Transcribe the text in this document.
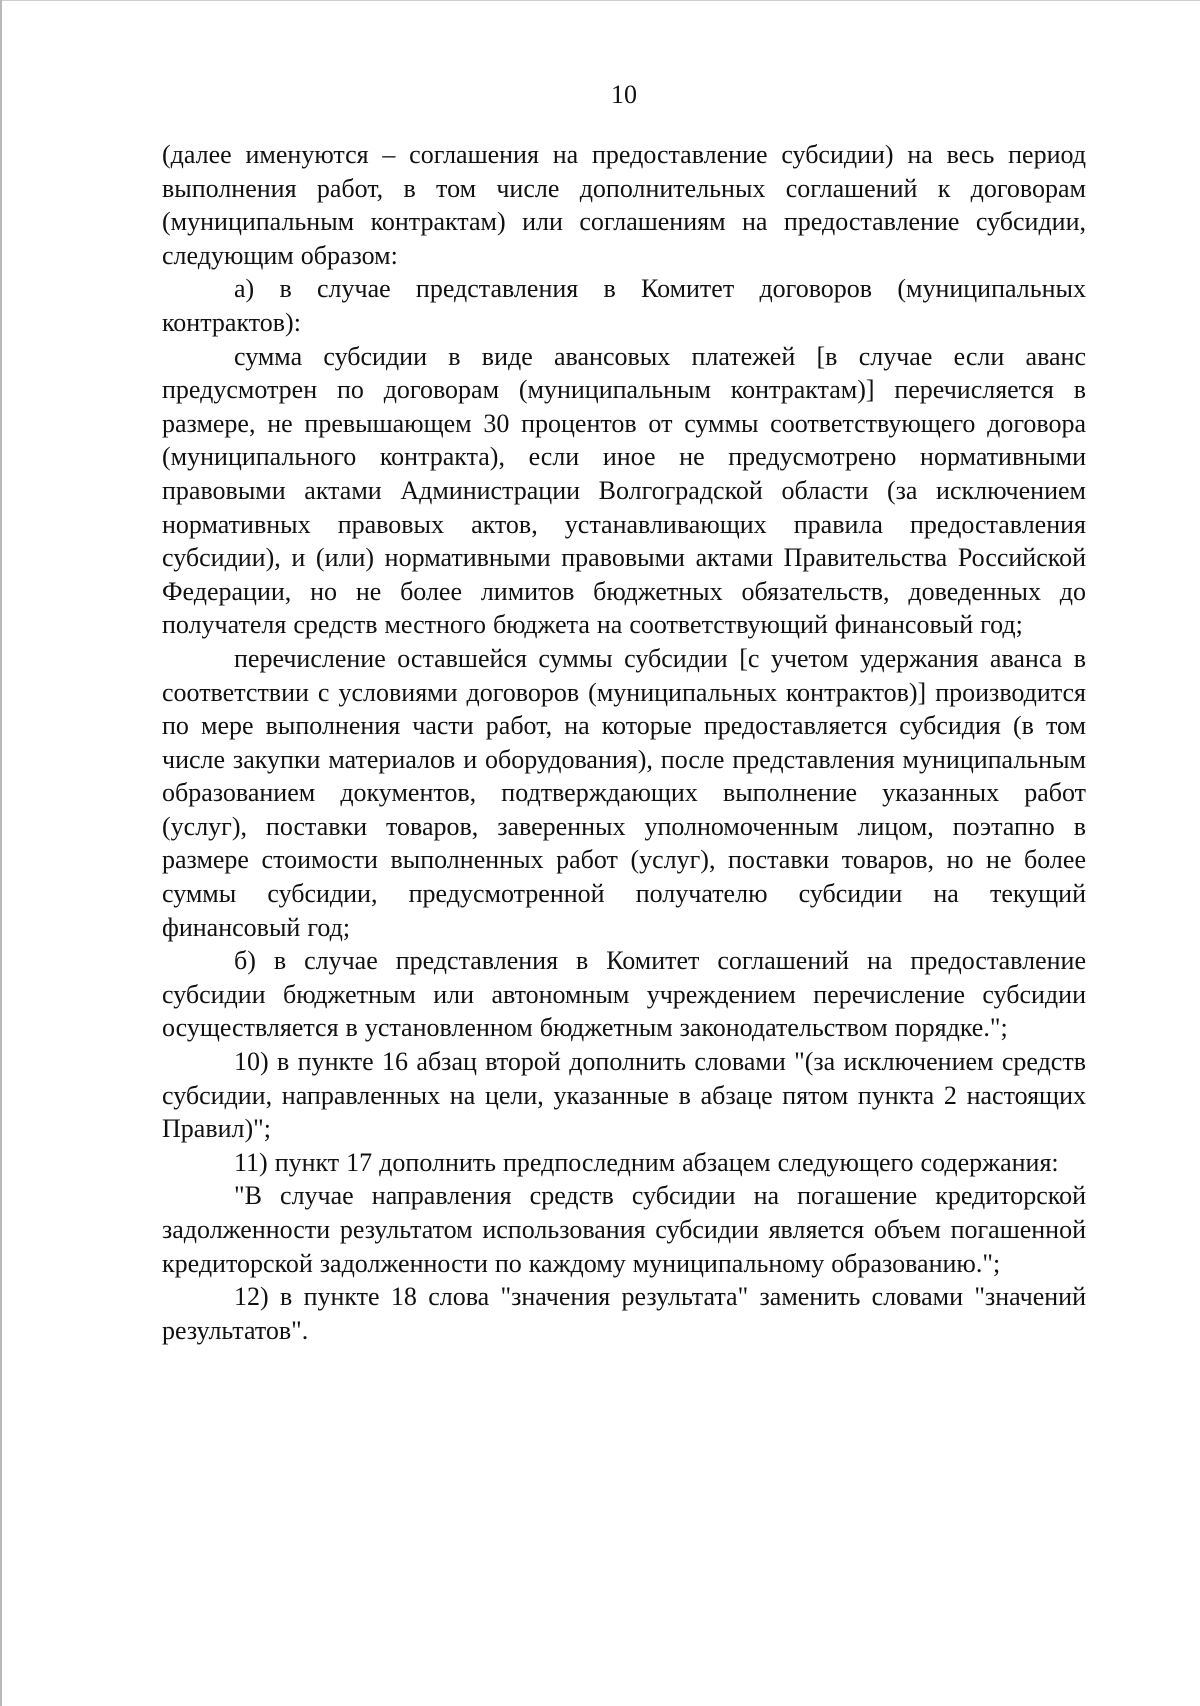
10

(далее именуются – соглашения на предоставление субсидии) на весь период выполнения работ, в том числе дополнительных соглашений к договорам (муниципальным контрактам) или соглашениям на предоставление субсидии, следующим образом:

а) в случае представления в Комитет договоров (муниципальных контрактов):

сумма субсидии в виде авансовых платежей [в случае если аванс предусмотрен по договорам (муниципальным контрактам)] перечисляется в размере, не превышающем 30 процентов от суммы соответствующего договора (муниципального контракта), если иное не предусмотрено нормативными правовыми актами Администрации Волгоградской области (за исключением нормативных правовых актов, устанавливающих правила предоставления субсидии), и (или) нормативными правовыми актами Правительства Российской Федерации, но не более лимитов бюджетных обязательств, доведенных до получателя средств местного бюджета на соответствующий финансовый год;

перечисление оставшейся суммы субсидии [с учетом удержания аванса в соответствии с условиями договоров (муниципальных контрактов)] производится по мере выполнения части работ, на которые предоставляется субсидия (в том числе закупки материалов и оборудования), после представления муниципальным образованием документов, подтверждающих выполнение указанных работ (услуг), поставки товаров, заверенных уполномоченным лицом, поэтапно в размере стоимости выполненных работ (услуг), поставки товаров, но не более суммы субсидии, предусмотренной получателю субсидии на текущий финансовый год;

б) в случае представления в Комитет соглашений на предоставление субсидии бюджетным или автономным учреждением перечисление субсидии осуществляется в установленном бюджетным законодательством порядке.";

10) в пункте 16 абзац второй дополнить словами "(за исключением средств субсидии, направленных на цели, указанные в абзаце пятом пункта 2 настоящих Правил)";

11) пункт 17 дополнить предпоследним абзацем следующего содержания:

"В случае направления средств субсидии на погашение кредиторской задолженности результатом использования субсидии является объем погашенной кредиторской задолженности по каждому муниципальному образованию.";

12) в пункте 18 слова "значения результата" заменить словами "значений результатов".
